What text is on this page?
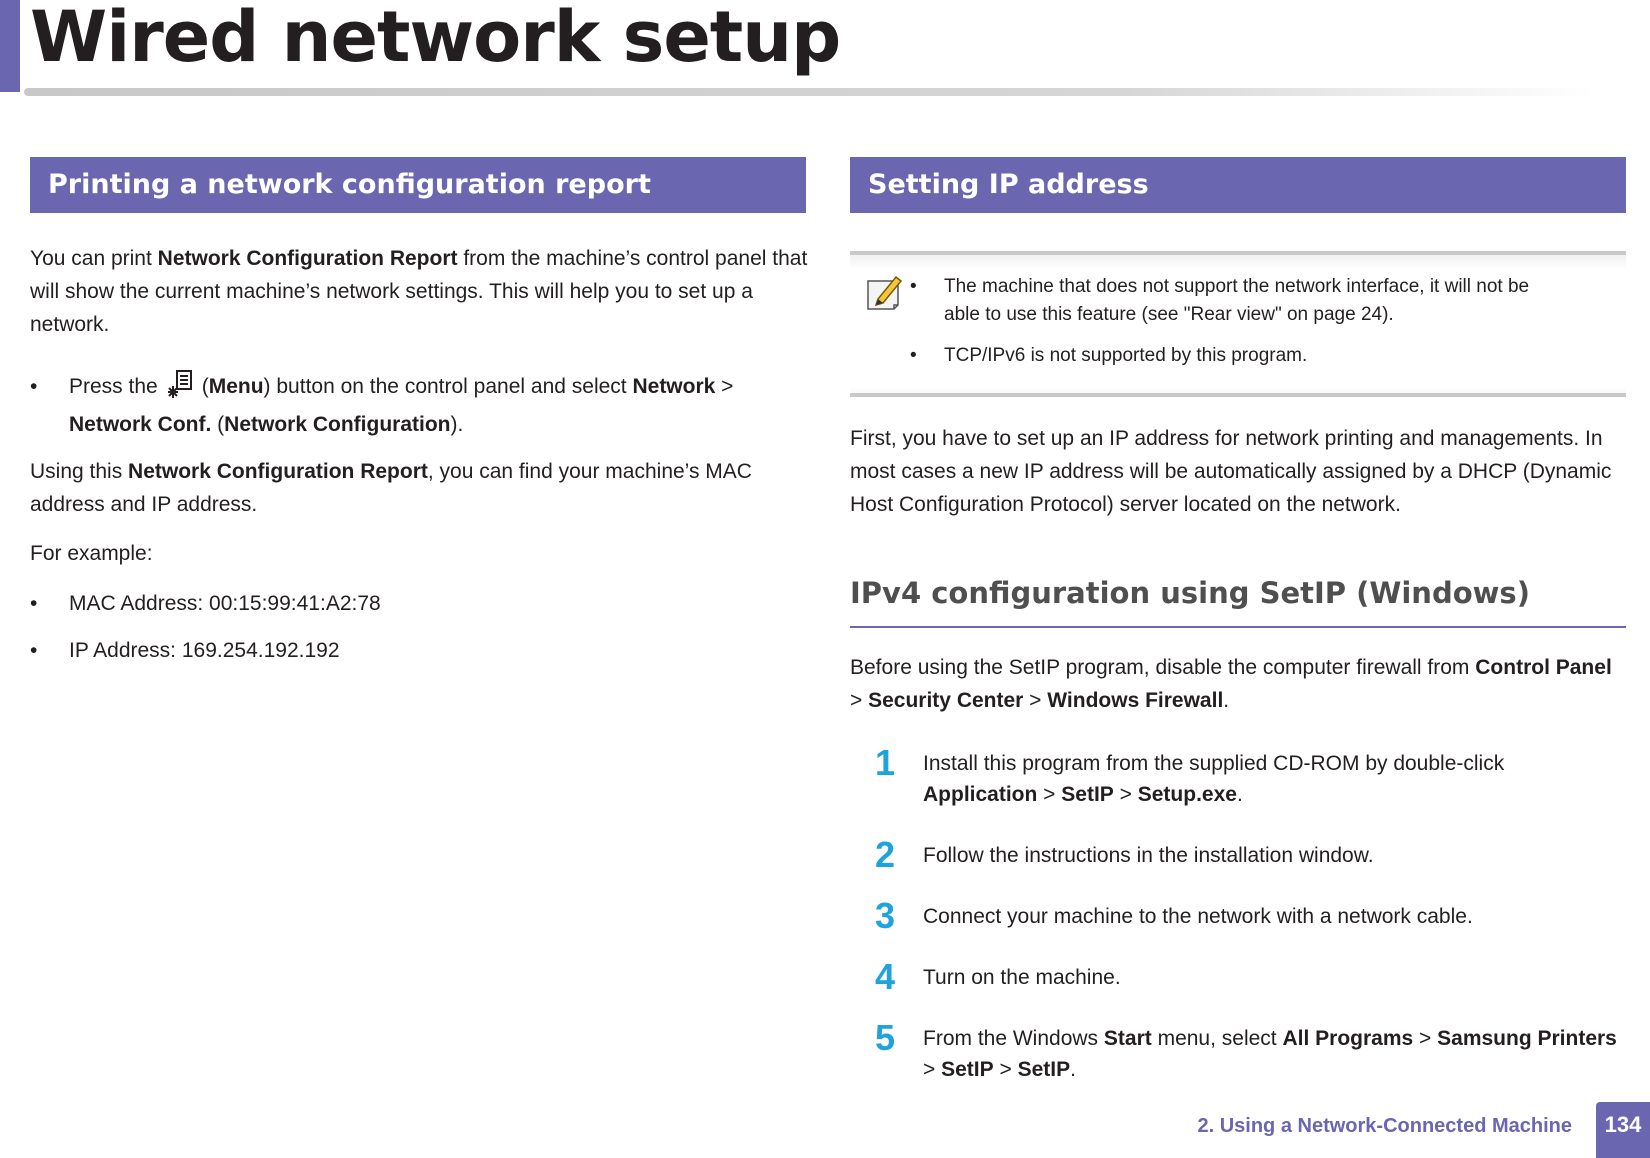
Wired network setup
Printing a network configuration report

You can print Network Configuration Report from the machine’s control panel that will show the current machine’s network settings. This will help you to set up a network.

• Press the (Menu) button on the control panel and select Network >
Network Conf. (Network Configuration).

Using this Network Configuration Report, you can find your machine’s MAC address and IP address.

For example:

• MAC Address: 00:15:99:41:A2:78
• IP Address: 169.254.192.192
Setting IP address
• The machine that does not support the network interface, it will not be able to use this feature (see "Rear view" on page 24).
• TCP/IPv6 is not supported by this program.

First, you have to set up an IP address for network printing and managements. In most cases a new IP address will be automatically assigned by a DHCP (Dynamic Host Configuration Protocol) server located on the network.

IPv4 configuration using SetIP (Windows)

Before using the SetIP program, disable the computer firewall from Control Panel > Security Center > Windows Firewall.

1	Install this program from the supplied CD-ROM by double-click Application > SetIP > Setup.exe.
2	Follow the instructions in the installation window.
3	Connect your machine to the network with a network cable.
4	Turn on the machine.
5	From the Windows Start menu, select All Programs > Samsung Printers > SetIP > SetIP.
2. Using a Network-Connected Machine	134
